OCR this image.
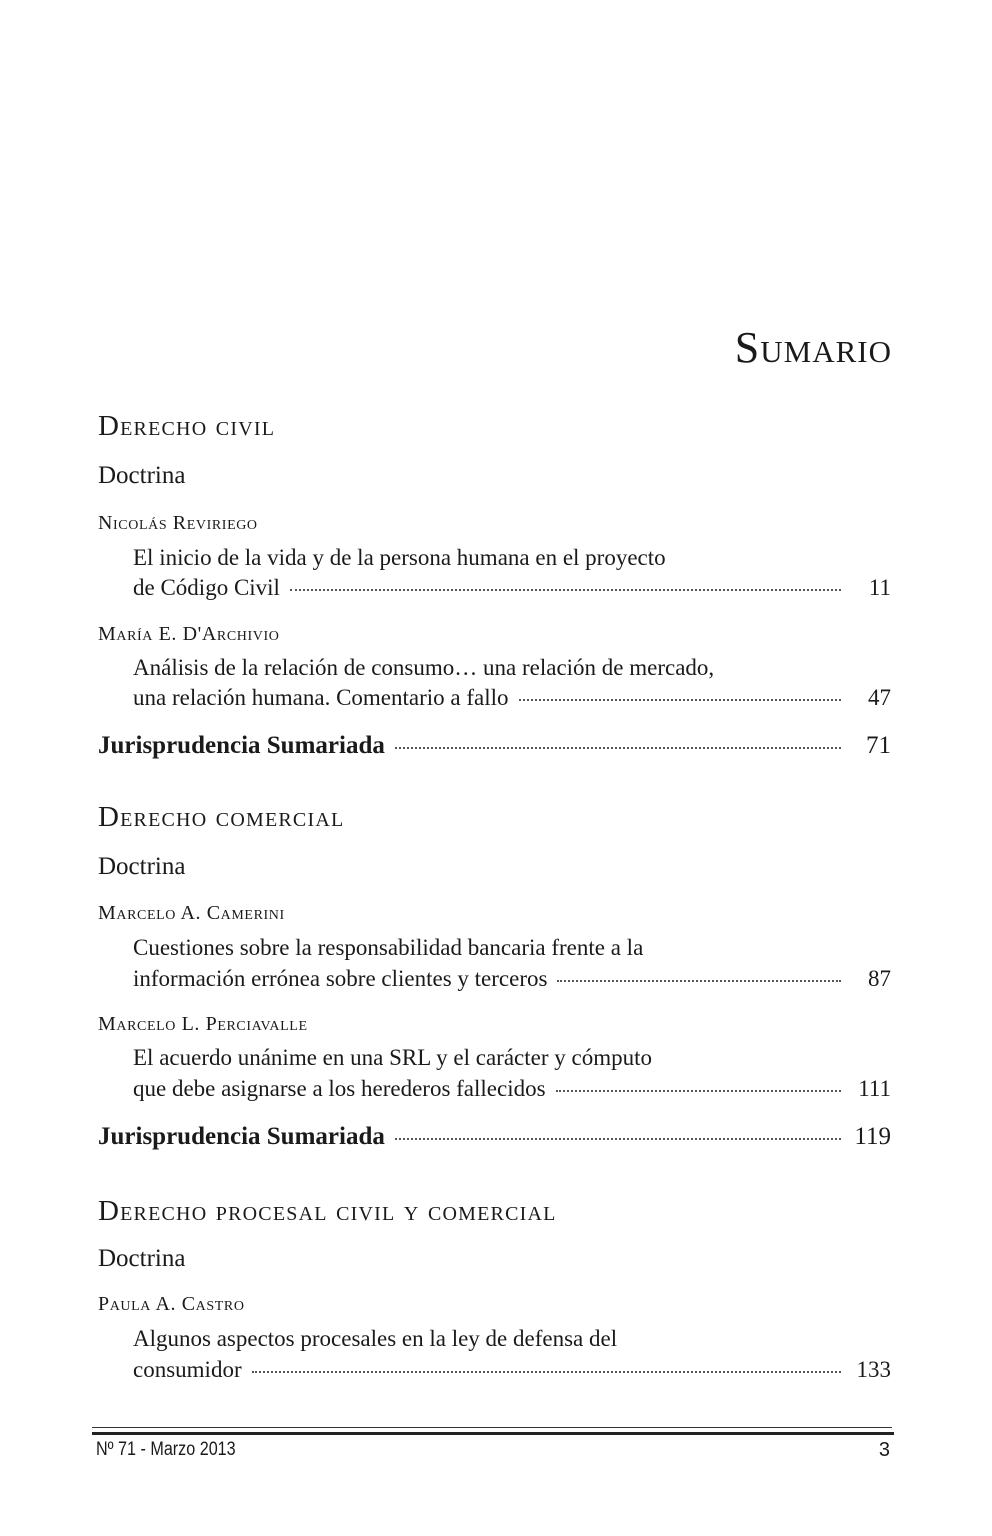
Sumario
Derecho civil
Doctrina
Nicolás Reviriego
El inicio de la vida y de la persona humana en el proyecto
de Código Civil	11
María E. D'Archivio
Análisis de la relación de consumo… una relación de mercado,
una relación humana. Comentario a fallo	47
Jurisprudencia Sumariada	71
Derecho comercial
Doctrina
Marcelo A. Camerini
Cuestiones sobre la responsabilidad bancaria frente a la
información errónea sobre clientes y terceros	87
Marcelo L. Perciavalle
El acuerdo unánime en una SRL y el carácter y cómputo
que debe asignarse a los herederos fallecidos	111
Jurisprudencia Sumariada	119
Derecho procesal civil y comercial
Doctrina
Paula A. Castro
Algunos aspectos procesales en la ley de defensa del
consumidor	133
Nº 71 - Marzo 2013	3
